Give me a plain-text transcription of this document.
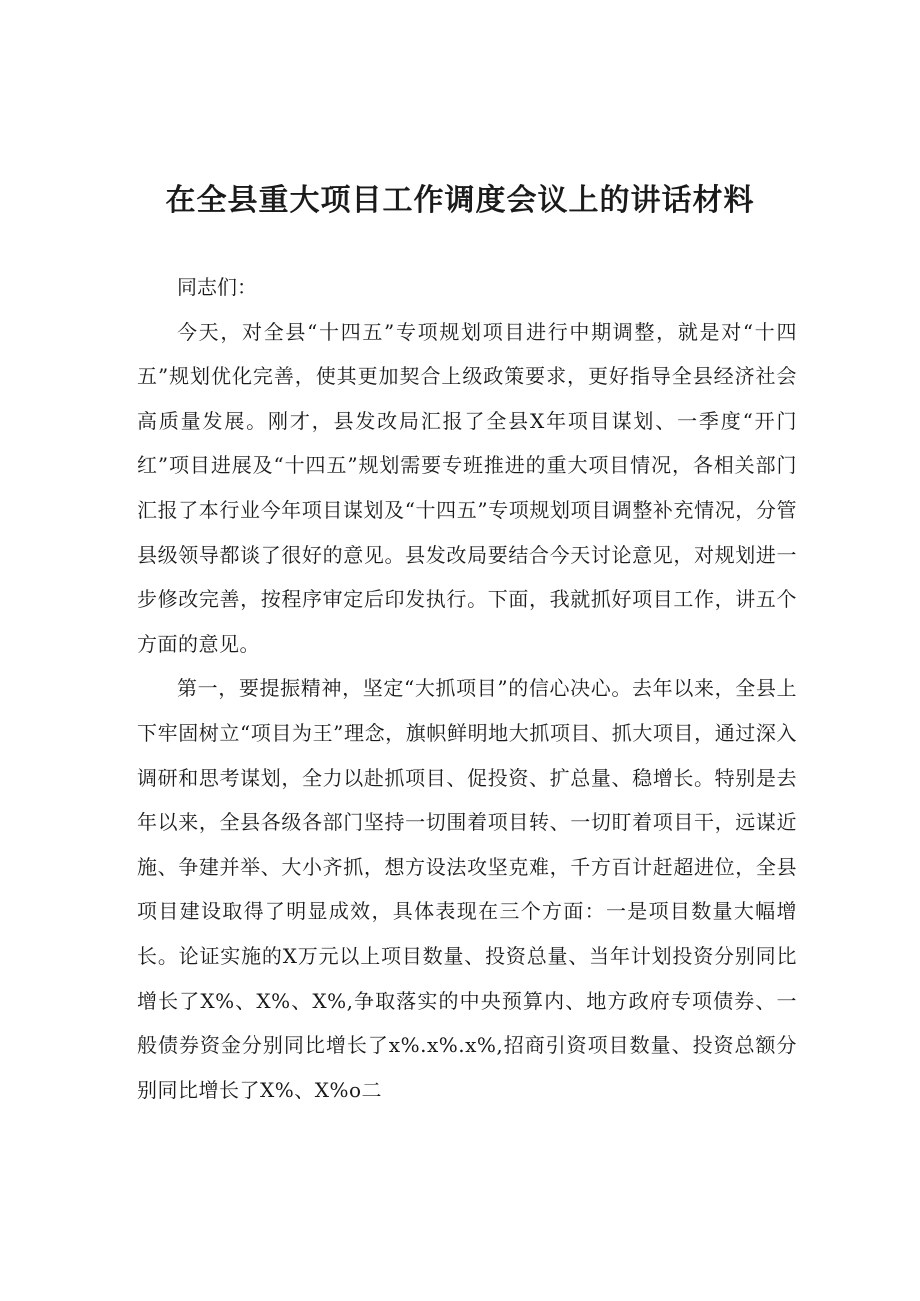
在全县重大项目工作调度会议上的讲话材料

同志们：

今天，对全县“十四五”专项规划项目进行中期调整，就是对“十四五”规划优化完善，使其更加契合上级政策要求，更好指导全县经济社会高质量发展。刚才，县发改局汇报了全县X年项目谋划、一季度“开门红”项目进展及“十四五”规划需要专班推进的重大项目情况，各相关部门汇报了本行业今年项目谋划及“十四五”专项规划项目调整补充情况，分管县级领导都谈了很好的意见。县发改局要结合今天讨论意见，对规划进一步修改完善，按程序审定后印发执行。下面，我就抓好项目工作，讲五个方面的意见。

第一，要提振精神，坚定“大抓项目”的信心决心。去年以来，全县上下牢固树立“项目为王”理念，旗帜鲜明地大抓项目、抓大项目，通过深入调研和思考谋划，全力以赴抓项目、促投资、扩总量、稳增长。特别是去年以来，全县各级各部门坚持一切围着项目转、一切盯着项目干，远谋近施、争建并举、大小齐抓，想方设法攻坚克难，千方百计赶超进位，全县项目建设取得了明显成效，具体表现在三个方面：一是项目数量大幅增长。论证实施的X万元以上项目数量、投资总量、当年计划投资分别同比增长了X%、X%、X%,争取落实的中央预算内、地方政府专项债券、一般债券资金分别同比增长了x%.x%.x%,招商引资项目数量、投资总额分别同比增长了X%、X%o二
